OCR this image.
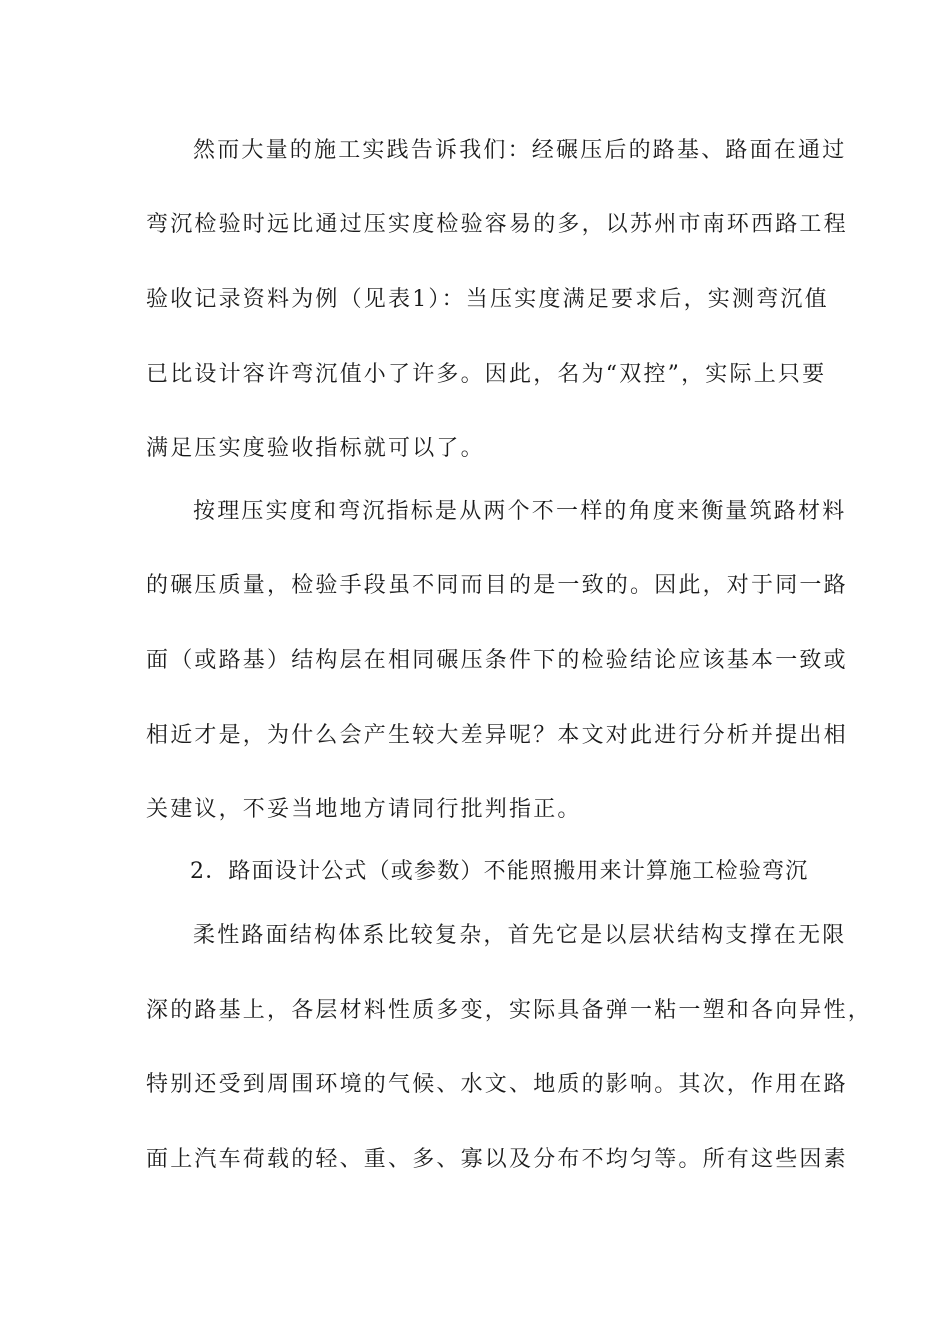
然而大量的施工实践告诉我们：经碾压后的路基、路面在通过
弯沉检验时远比通过压实度检验容易的多，以苏州市南环西路工程
验收记录资料为例（见表1）：当压实度满足要求后，实测弯沉值
已比设计容许弯沉值小了许多。因此，名为“双控”，实际上只要
满足压实度验收指标就可以了。
按理压实度和弯沉指标是从两个不一样的角度来衡量筑路材料
的碾压质量，检验手段虽不同而目的是一致的。因此，对于同一路
面（或路基）结构层在相同碾压条件下的检验结论应该基本一致或
相近才是，为什么会产生较大差异呢？本文对此进行分析并提出相
关建议，不妥当地地方请同行批判指正。
2．路面设计公式（或参数）不能照搬用来计算施工检验弯沉
柔性路面结构体系比较复杂，首先它是以层状结构支撑在无限
深的路基上，各层材料性质多变，实际具备弹一粘一塑和各向异性，
特别还受到周围环境的气候、水文、地质的影响。其次，作用在路
面上汽车荷载的轻、重、多、寡以及分布不均匀等。所有这些因素
